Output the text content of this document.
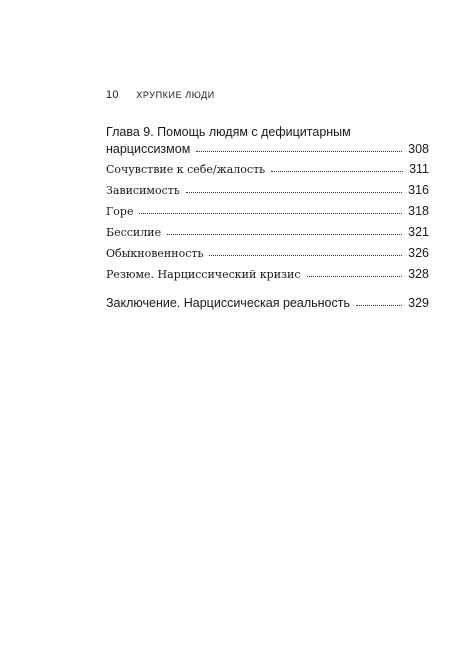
10 ХРУПКИЕ ЛЮДИ
Глава 9. Помощь людям с дефицитарным
нарциссизмом	308
Сочувствие к себе/жалость	311
Зависимость	316
Горе	318
Бессилие	321
Обыкновенность	326
Резюме. Нарциссический кризис	328
Заключение. Нарциссическая реальность	329
